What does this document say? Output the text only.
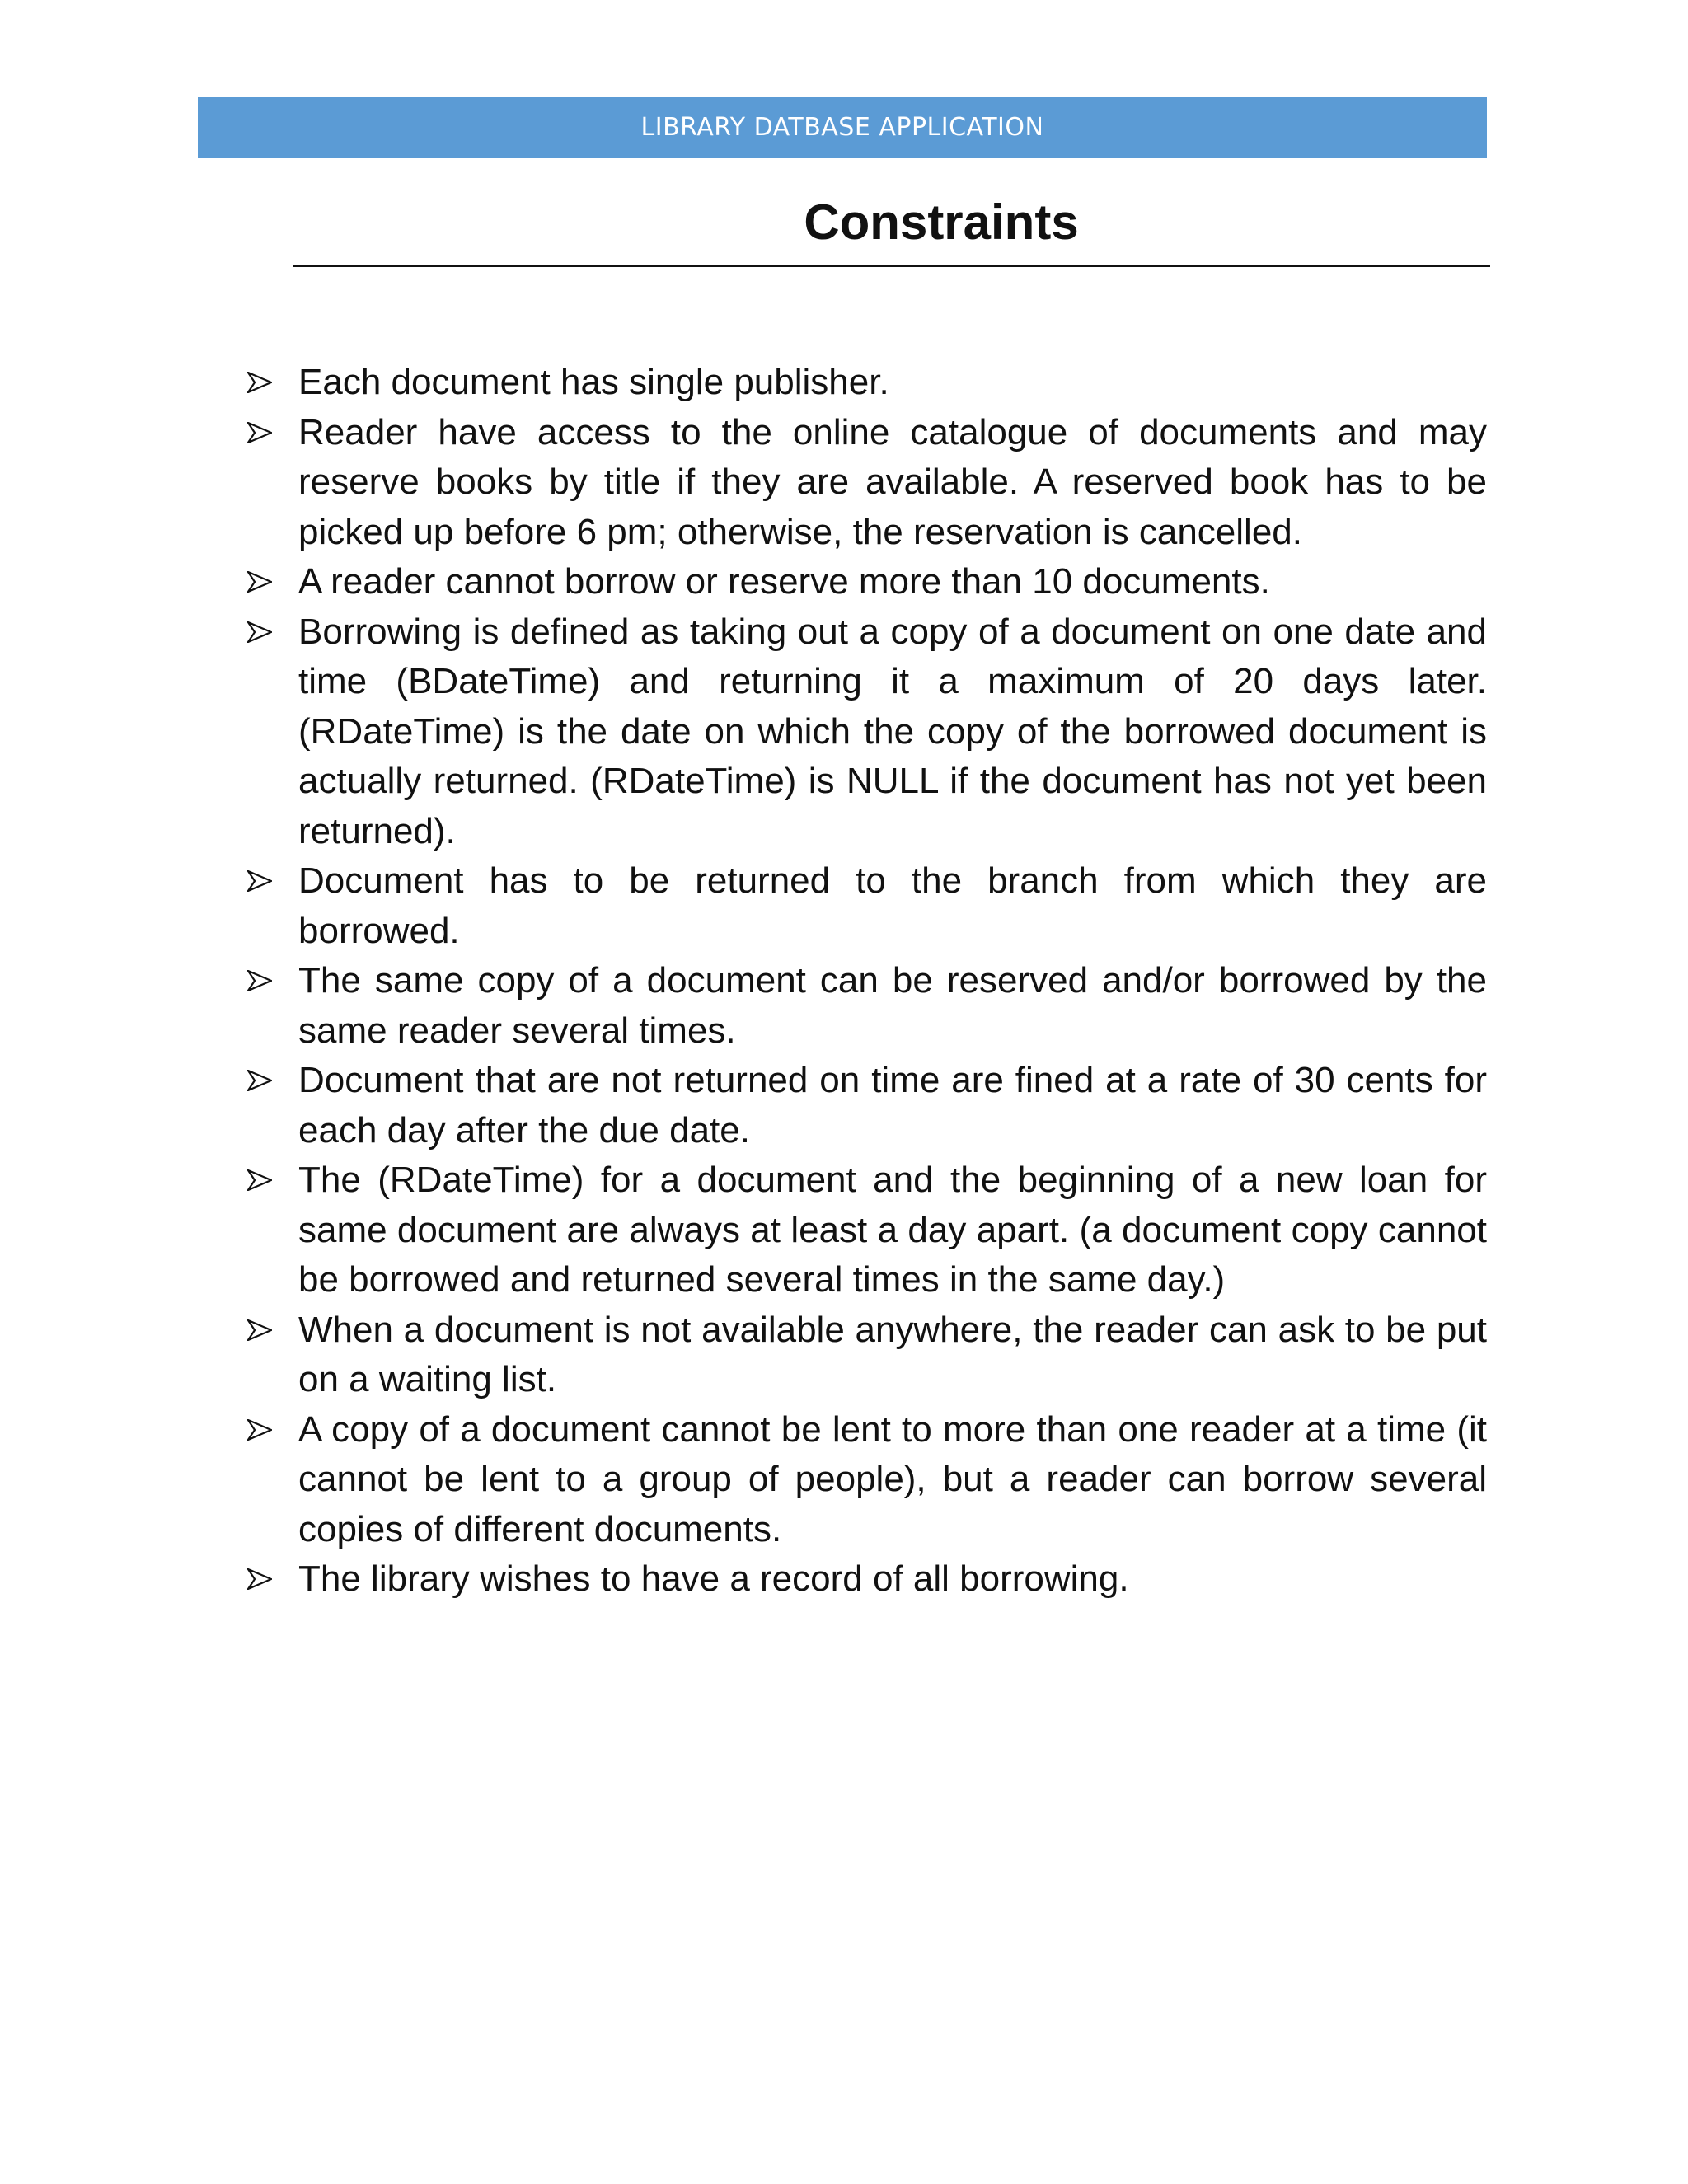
LIBRARY DATBASE APPLICATION
Constraints
Each document has single publisher.
Reader have access to the online catalogue of documents and may reserve books by title if they are available. A reserved book has to be picked up before 6 pm; otherwise, the reservation is cancelled.
A reader cannot borrow or reserve more than 10 documents.
Borrowing is defined as taking out a copy of a document on one date and time (BDateTime) and returning it a maximum of 20 days later. (RDateTime) is the date on which the copy of the borrowed document is actually returned. (RDateTime) is NULL if the document has not yet been returned).
Document has to be returned to the branch from which they are borrowed.
The same copy of a document can be reserved and/or borrowed by the same reader several times.
Document that are not returned on time are fined at a rate of 30 cents for each day after the due date.
The (RDateTime) for a document and the beginning of a new loan for same document are always at least a day apart. (a document copy cannot be borrowed and returned several times in the same day.)
When a document is not available anywhere, the reader can ask to be put on a waiting list.
A copy of a document cannot be lent to more than one reader at a time (it cannot be lent to a group of people), but a reader can borrow several copies of different documents.
The library wishes to have a record of all borrowing.
